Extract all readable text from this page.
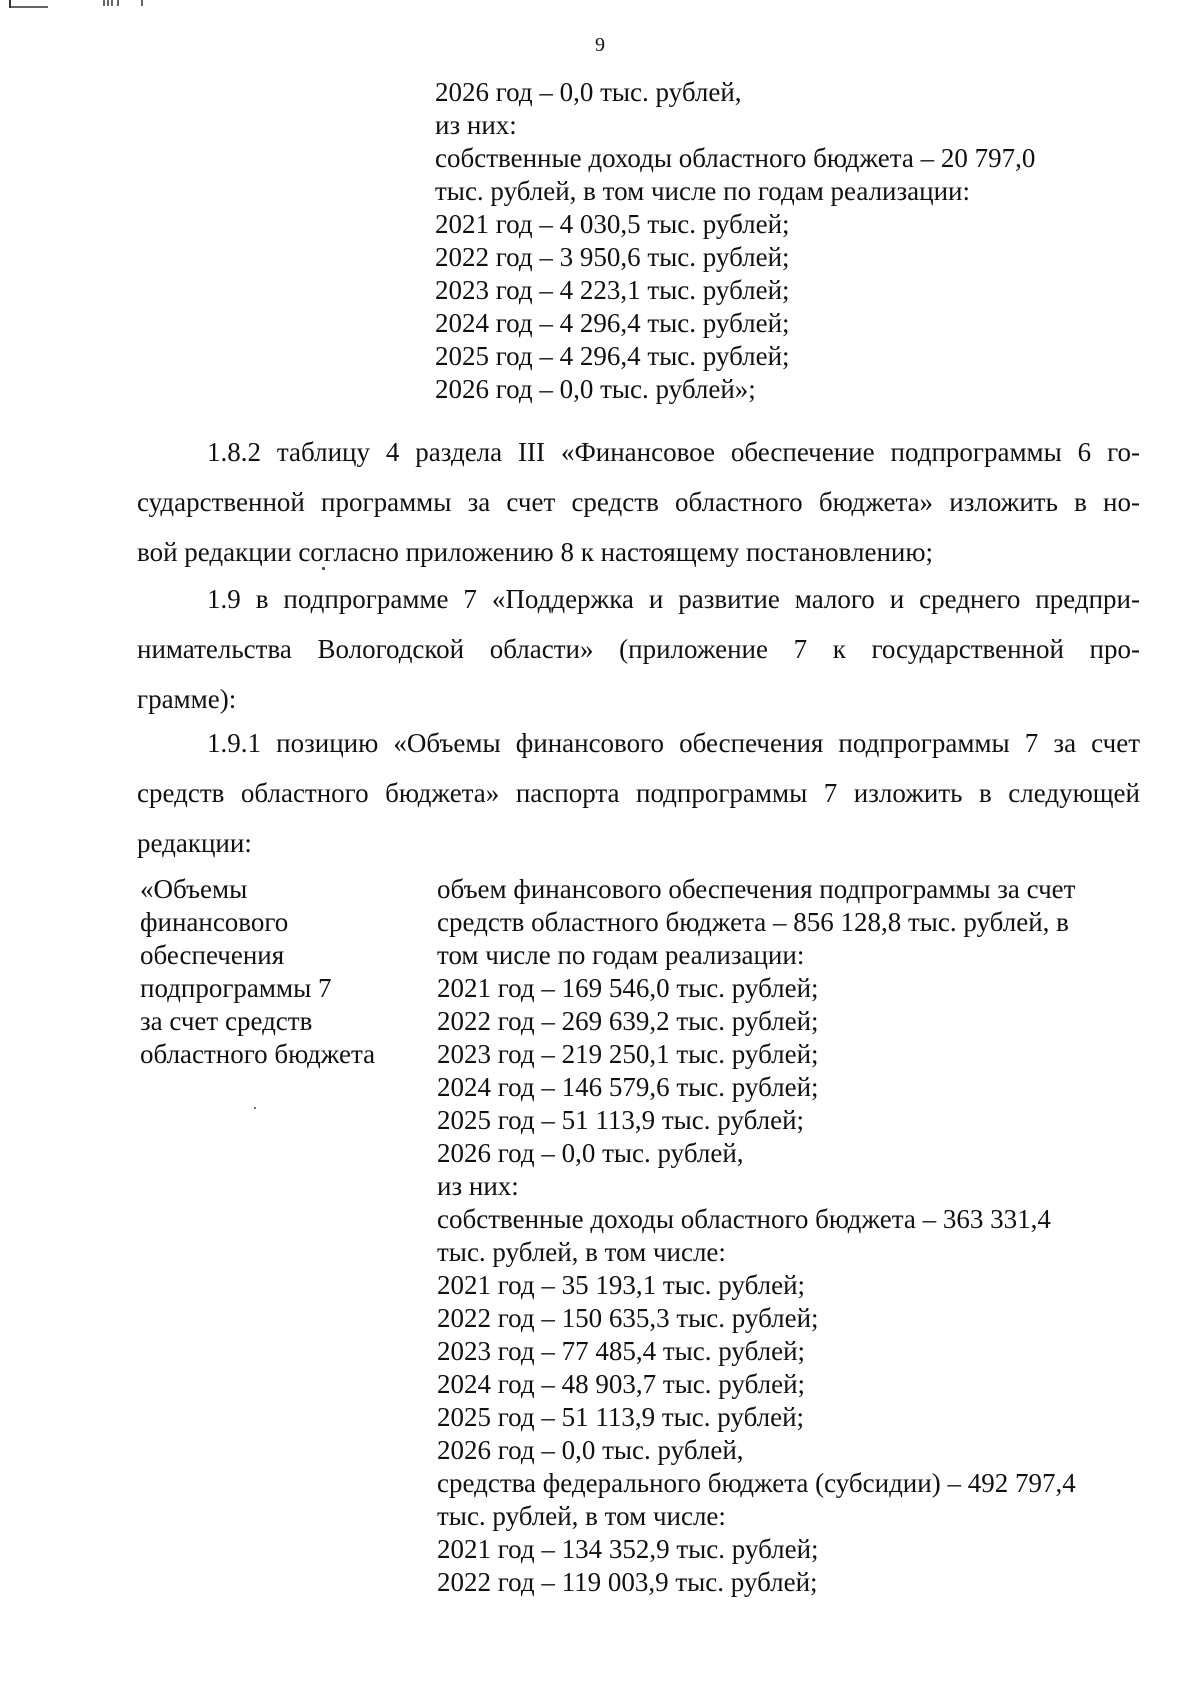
9
2026 год – 0,0 тыс. рублей,
из них:
собственные доходы областного бюджета – 20 797,0
тыс. рублей, в том числе по годам реализации:
2021 год – 4 030,5 тыс. рублей;
2022 год – 3 950,6 тыс. рублей;
2023 год – 4 223,1 тыс. рублей;
2024 год – 4 296,4 тыс. рублей;
2025 год – 4 296,4 тыс. рублей;
2026 год – 0,0 тыс. рублей»;
1.8.2 таблицу 4 раздела III «Финансовое обеспечение подпрограммы 6 го-
сударственной программы за счет средств областного бюджета» изложить в но-
вой редакции согласно приложению 8 к настоящему постановлению;
1.9 в подпрограмме 7 «Поддержка и развитие малого и среднего предпри-
нимательства Вологодской области» (приложение 7 к государственной про-
грамме):
1.9.1 позицию «Объемы финансового обеспечения подпрограммы 7 за счет
средств областного бюджета» паспорта подпрограммы 7 изложить в следующей
редакции:
«Объемы
финансового
обеспечения
подпрограммы 7
за счет средств
областного бюджета
объем финансового обеспечения подпрограммы за счет
средств областного бюджета – 856 128,8 тыс. рублей, в
том числе по годам реализации:
2021 год – 169 546,0 тыс. рублей;
2022 год – 269 639,2 тыс. рублей;
2023 год – 219 250,1 тыс. рублей;
2024 год – 146 579,6 тыс. рублей;
2025 год – 51 113,9 тыс. рублей;
2026 год – 0,0 тыс. рублей,
из них:
собственные доходы областного бюджета – 363 331,4
тыс. рублей, в том числе:
2021 год – 35 193,1 тыс. рублей;
2022 год – 150 635,3 тыс. рублей;
2023 год – 77 485,4 тыс. рублей;
2024 год – 48 903,7 тыс. рублей;
2025 год – 51 113,9 тыс. рублей;
2026 год – 0,0 тыс. рублей,
средства федерального бюджета (субсидии) – 492 797,4
тыс. рублей, в том числе:
2021 год – 134 352,9 тыс. рублей;
2022 год – 119 003,9 тыс. рублей;
